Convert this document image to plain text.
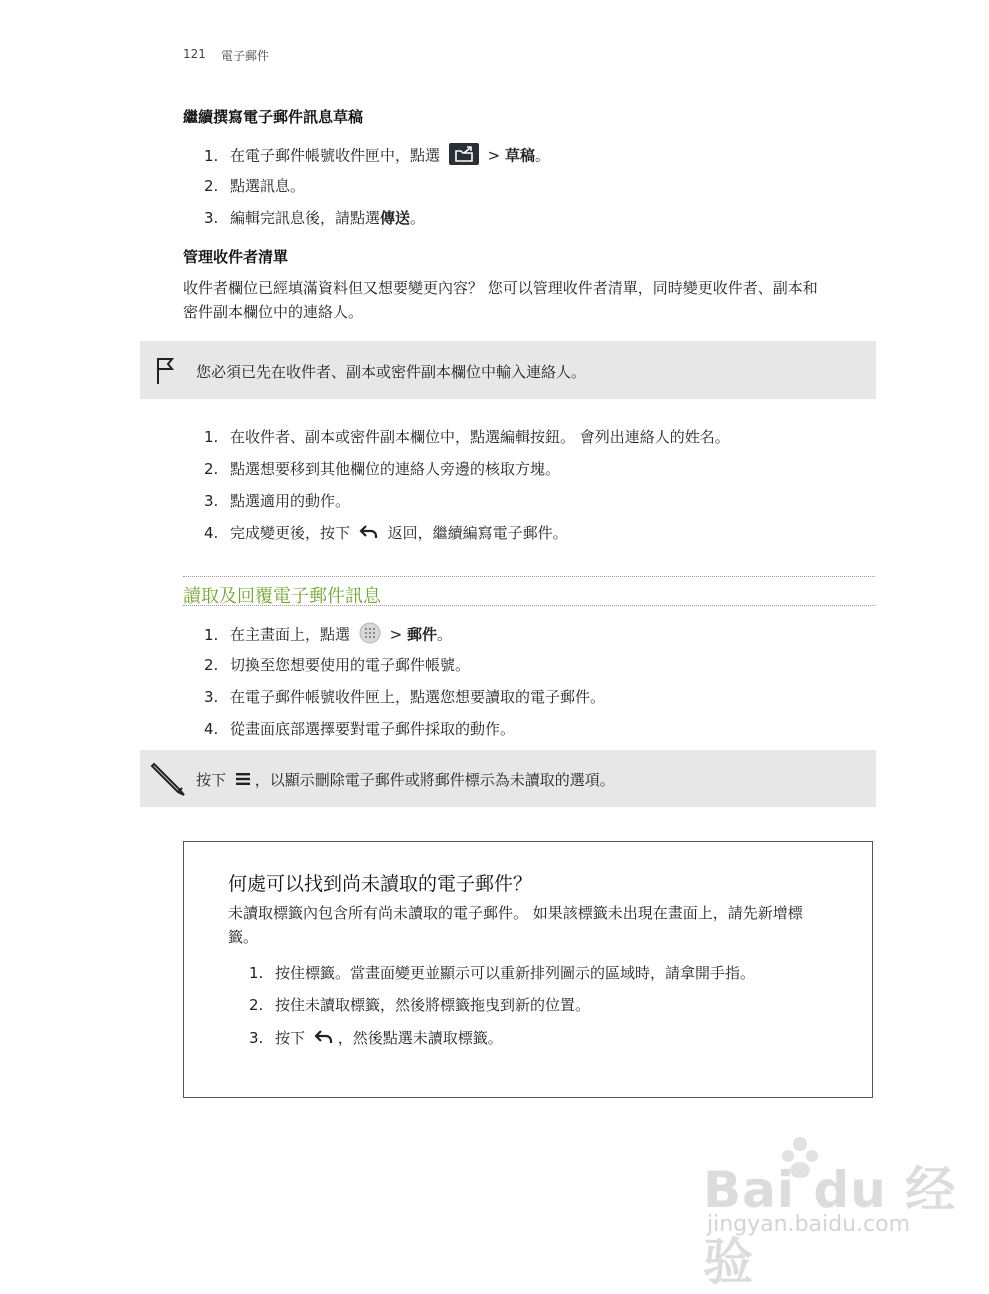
121 電子郵件
繼續撰寫電子郵件訊息草稿
1. 在電子郵件帳號收件匣中，點選	> 草稿。
2. 點選訊息。
3. 編輯完訊息後，請點選傳送。
管理收件者清單
收件者欄位已經填滿資料但又想要變更內容？ 您可以管理收件者清單，同時變更收件者、副本和
密件副本欄位中的連絡人。
您必須已先在收件者、副本或密件副本欄位中輸入連絡人。
1. 在收件者、副本或密件副本欄位中，點選編輯按鈕。 會列出連絡人的姓名。
2. 點選想要移到其他欄位的連絡人旁邊的核取方塊。
3. 點選適用的動作。
4. 完成變更後，按下	返回，繼續編寫電子郵件。
讀取及回覆電子郵件訊息
1. 在主畫面上，點選	> 郵件。
2. 切換至您想要使用的電子郵件帳號。
3. 在電子郵件帳號收件匣上，點選您想要讀取的電子郵件。
4. 從畫面底部選擇要對電子郵件採取的動作。
按下 ，以顯示刪除電子郵件或將郵件標示為未讀取的選項。
何處可以找到尚未讀取的電子郵件？
未讀取標籤內包含所有尚未讀取的電子郵件。 如果該標籤未出現在畫面上，請先新增標
籤。
1. 按住標籤。當畫面變更並顯示可以重新排列圖示的區域時，請拿開手指。
2. 按住未讀取標籤，然後將標籤拖曳到新的位置。
3. 按下 ，然後點選未讀取標籤。
Bai du 经验
jingyan.baidu.com
